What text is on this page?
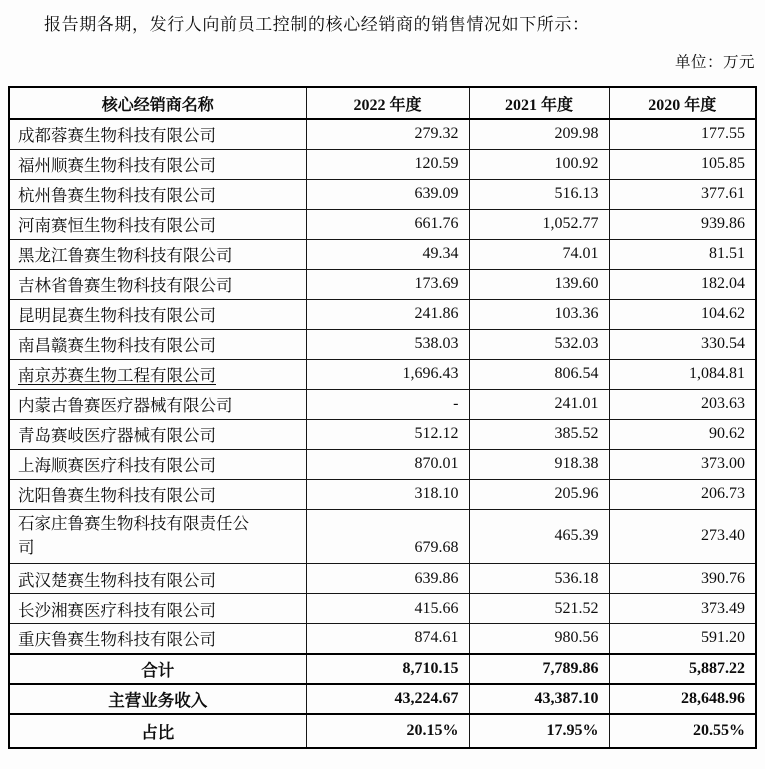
报告期各期，发行人向前员工控制的核心经销商的销售情况如下所示：
单位：万元
核心经销商名称	2022 年度	2021 年度	2020 年度
成都蓉赛生物科技有限公司	279.32	209.98	177.55
福州顺赛生物科技有限公司	120.59	100.92	105.85
杭州鲁赛生物科技有限公司	639.09	516.13	377.61
河南赛恒生物科技有限公司	661.76	1,052.77	939.86
黑龙江鲁赛生物科技有限公司	49.34	74.01	81.51
吉林省鲁赛生物科技有限公司	173.69	139.60	182.04
昆明昆赛生物科技有限公司	241.86	103.36	104.62
南昌赣赛生物科技有限公司	538.03	532.03	330.54
南京苏赛生物工程有限公司	1,696.43	806.54	1,084.81
内蒙古鲁赛医疗器械有限公司	-	241.01	203.63
青岛赛岐医疗器械有限公司	512.12	385.52	90.62
上海顺赛医疗科技有限公司	870.01	918.38	373.00
沈阳鲁赛生物科技有限公司	318.10	205.96	206.73
石家庄鲁赛生物科技有限责任公司	679.68	465.39	273.40
武汉楚赛生物科技有限公司	639.86	536.18	390.76
长沙湘赛医疗科技有限公司	415.66	521.52	373.49
重庆鲁赛生物科技有限公司	874.61	980.56	591.20
合计	8,710.15	7,789.86	5,887.22
主营业务收入	43,224.67	43,387.10	28,648.96
占比	20.15%	17.95%	20.55%
